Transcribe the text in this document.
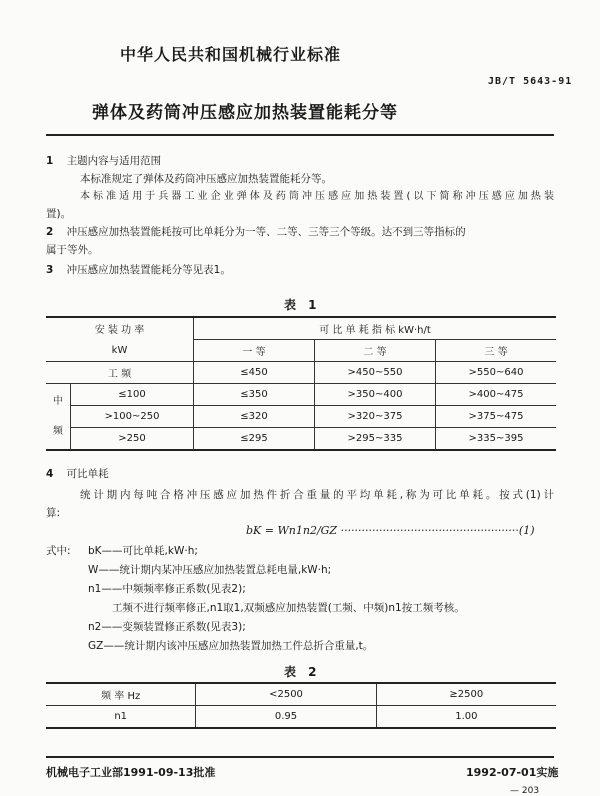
中华人民共和国机械行业标准
JB/T 5643-91
弹体及药筒冲压感应加热装置能耗分等
1 主题内容与适用范围
本标准规定了弹体及药筒冲压感应加热装置能耗分等。
本标准适用于兵器工业企业弹体及药筒冲压感应加热装置(以下简称冲压感应加热装
置)。
2 冲压感应加热装置能耗按可比单耗分为一等、二等、三等三个等级。达不到三等指标的
属于等外。
3 冲压感应加热装置能耗分等见表1。
表 1
安 装 功 率		可 比 单 耗 指 标 kW·h/t		
kW		一 等	二 等	三 等
工 频		≤450	>450~550	>550~640
中
频	≤100	≤350	>350~400	>400~475
	>100~250	≤320	>320~375	>375~475
	>250	≤295	>295~335	>335~395
4 可比单耗
统计期内每吨合格冲压感应加热件折合重量的平均单耗,称为可比单耗。按式(1)计
算:
bK = Wn1n2/GZ ···················································(1)
式中: bK——可比单耗,kW·h;
W——统计期内某冲压感应加热装置总耗电量,kW·h;
n1——中频频率修正系数(见表2);
工频不进行频率修正,n1取1,双频感应加热装置(工频、中频)n1按工频考核。
n2——变频装置修正系数(见表3);
GZ——统计期内该冲压感应加热装置加热工件总折合重量,t。
表 2
频 率 Hz	<2500	≥2500
n1	0.95	1.00
机械电子工业部1991-09-13批准	1992-07-01实施
— 203
